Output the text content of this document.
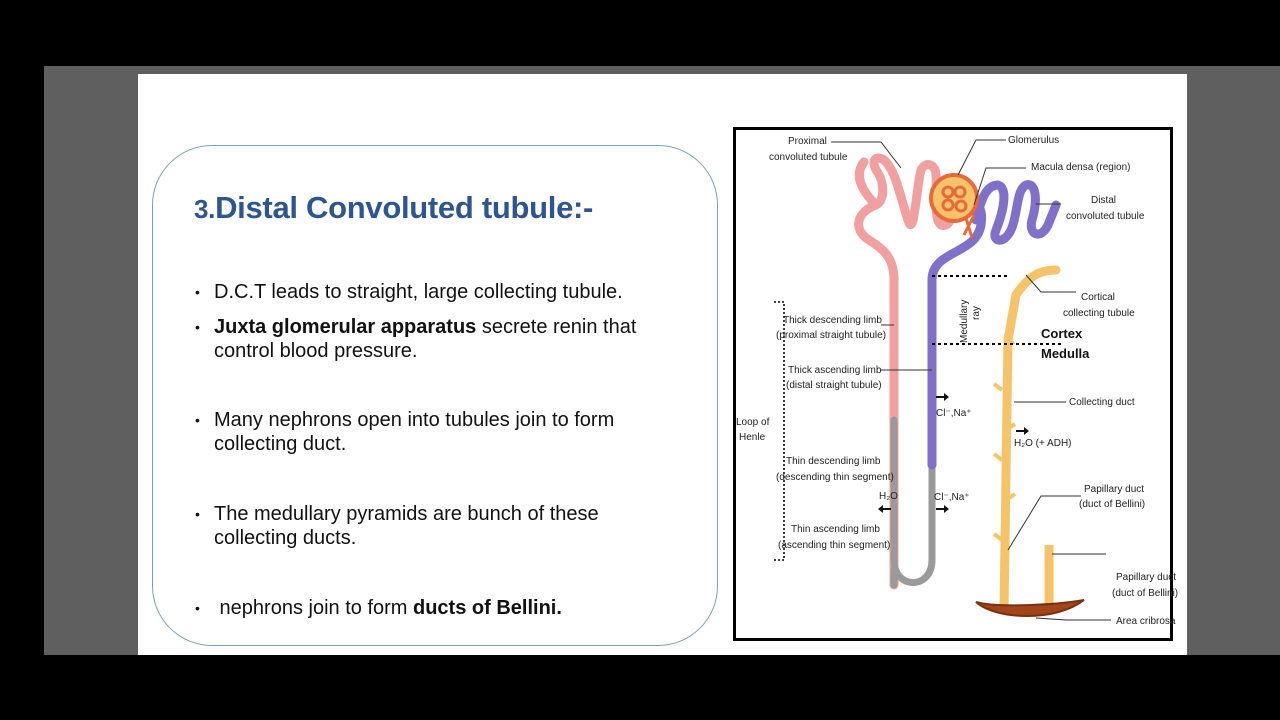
3.Distal Convoluted tubule:-
• D.C.T leads to straight, large collecting tubule.
• Juxta glomerular apparatus secrete renin that
control blood pressure.
• Many nephrons open into tubules join to form
collecting duct.
• The medullary pyramids are bunch of these
collecting ducts.
• nephrons join to form ducts of Bellini.
Proximal
convoluted tubule
Glomerulus
Macula densa (region)
Distal
convoluted tubule
Medullary ray
Cortical
collecting tubule
Cortex
Medulla
Thick descending limb
(proximal straight tubule)
Thick ascending limb
(distal straight tubule)
Loop of
Henle
Cl⁻,Na⁺
Collecting duct
H₂O (+ ADH)
Thin descending limb
(descending thin segment)
H₂O	Cl⁻,Na⁺
Papillary duct
(duct of Bellini)
Thin ascending limb
(ascending thin segment)
Papillary duct
(duct of Bellini)
Area cribrosa
